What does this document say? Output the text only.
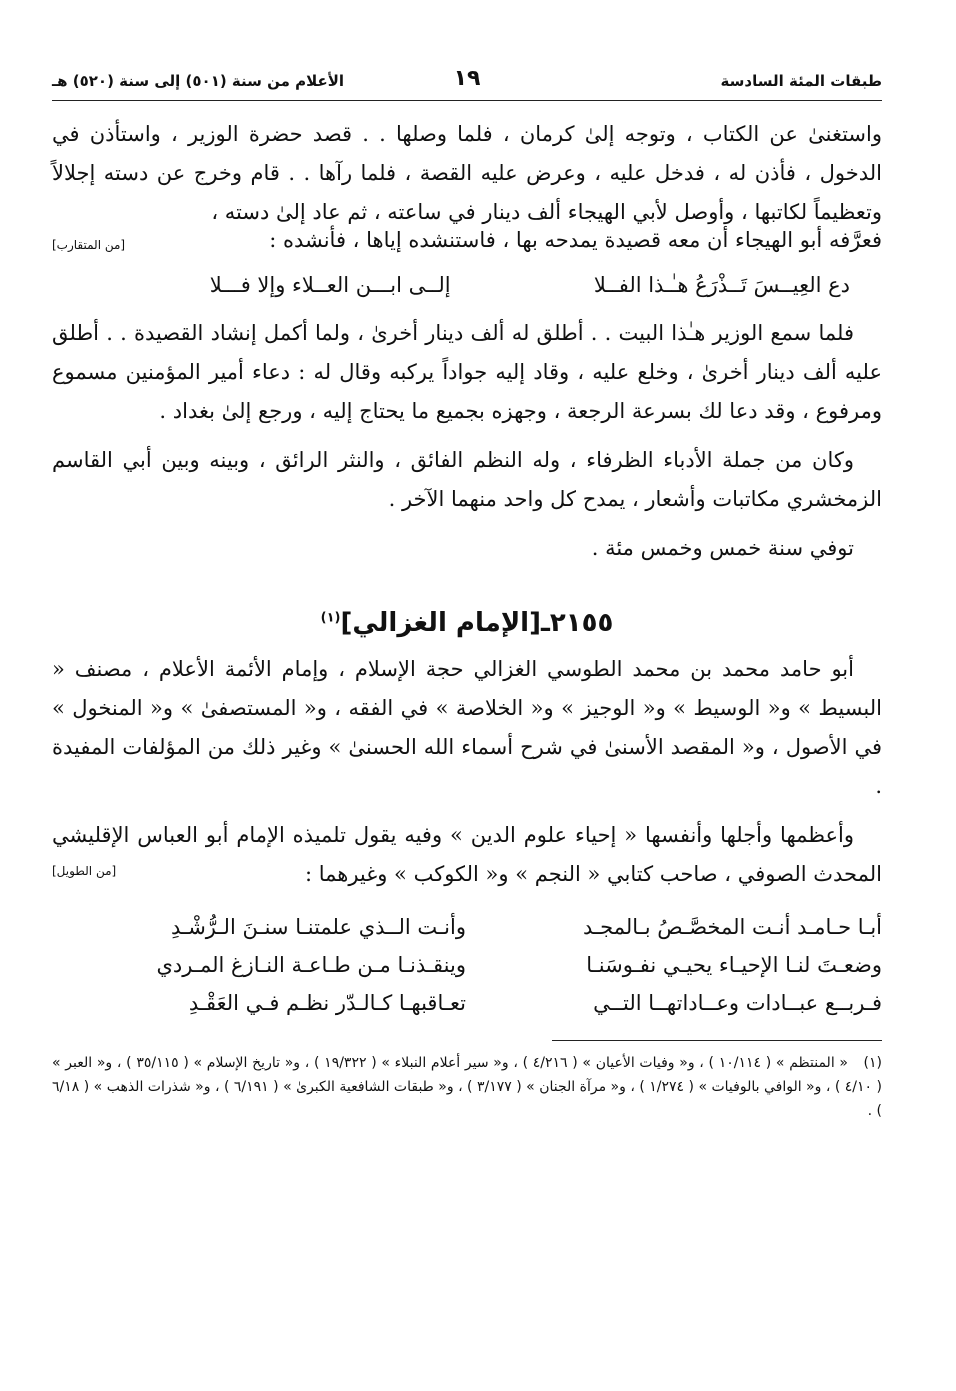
طبقات المئة السادسة
١٩
الأعلام من سنة (٥٠١) إلى سنة (٥٢٠) هـ

واستغنىٰ عن الكتاب ، وتوجه إلىٰ كرمان ، فلما وصلها . . قصد حضرة الوزير ، واستأذن في الدخول ، فأذن له ، فدخل عليه ، وعرض عليه القصة ، فلما رآها . . قام وخرج عن دسته إجلالاً وتعظيماً لكاتبها ، وأوصل لأبي الهيجاء ألف دينار في ساعته ، ثم عاد إلىٰ دسته ،

فعرَّفه أبو الهيجاء أن معه قصيدة يمدحه بها ، فاستنشده إياها ، فأنشده :
[من المتقارب]
دع العِيــسَ تَــذْرَعُ هـٰـذا الفــلا
إلــى ابـــن العــلاء وإلا فـــلا

فلما سمع الوزير هـٰذا البيت . . أطلق له ألف دينار أخرىٰ ، ولما أكمل إنشاد القصيدة . . أطلق عليه ألف دينار أخرىٰ ، وخلع عليه ، وقاد إليه جواداً يركبه وقال له : دعاء أمير المؤمنين مسموع ومرفوع ، وقد دعا لك بسرعة الرجعة ، وجهزه بجميع ما يحتاج إليه ، ورجع إلىٰ بغداد .

وكان من جملة الأدباء الظرفاء ، وله النظم الفائق ، والنثر الرائق ، وبينه وبين أبي القاسم الزمخشري مكاتبات وأشعار ، يمدح كل واحد منهما الآخر .

توفي سنة خمس وخمس مئة .

٢١٥٥ـ[الإمام الغزالي]$^{(١)}$

أبو حامد محمد بن محمد الطوسي الغزالي حجة الإسلام ، وإمام الأئمة الأعلام ، مصنف « البسيط » و« الوسيط » و« الوجيز » و« الخلاصة » في الفقه ، و« المستصفىٰ » و« المنخول » في الأصول ، و« المقصد الأسنىٰ في شرح أسماء الله الحسنىٰ » وغير ذلك من المؤلفات المفيدة .

وأعظمها وأجلها وأنفسها « إحياء علوم الدين » وفيه يقول تلميذه الإمام أبو العباس الإقليشي المحدث الصوفي ، صاحب كتابي « النجم » و« الكوكب » وغيرهما :

[من الطويل]
أبـا حـامـد أنـت المخصَّـصُ بـالمجـد
وأنـت الــذي علمتنـا سنـنَ الـرُّشْـدِ
وضعـتَ لنـا الإحيـاء يحيـي نفـوسَنـا
وينقـذنـا مـن طـاعـة النـازغ المـردي
فـربــع عبــادات وعــاداتهــا التــي
تعـاقبهـا كـالـدّر نظـم فـي العَقْـدِ
(١)« المنتظم » ( ١٠/١١٤ ) ، و« وفيات الأعيان » ( ٤/٢١٦ ) ، و« سير أعلام النبلاء » ( ١٩/٣٢٢ ) ، و« تاريخ الإسلام » ( ٣٥/١١٥ ) ، و« العبر » ( ٤/١٠ ) ، و« الوافي بالوفيات » ( ١/٢٧٤ ) ، و« مرآة الجنان » ( ٣/١٧٧ ) ، و« طبقات الشافعية الكبرىٰ » ( ٦/١٩١ ) ، و« شذرات الذهب » ( ٦/١٨ ) .
